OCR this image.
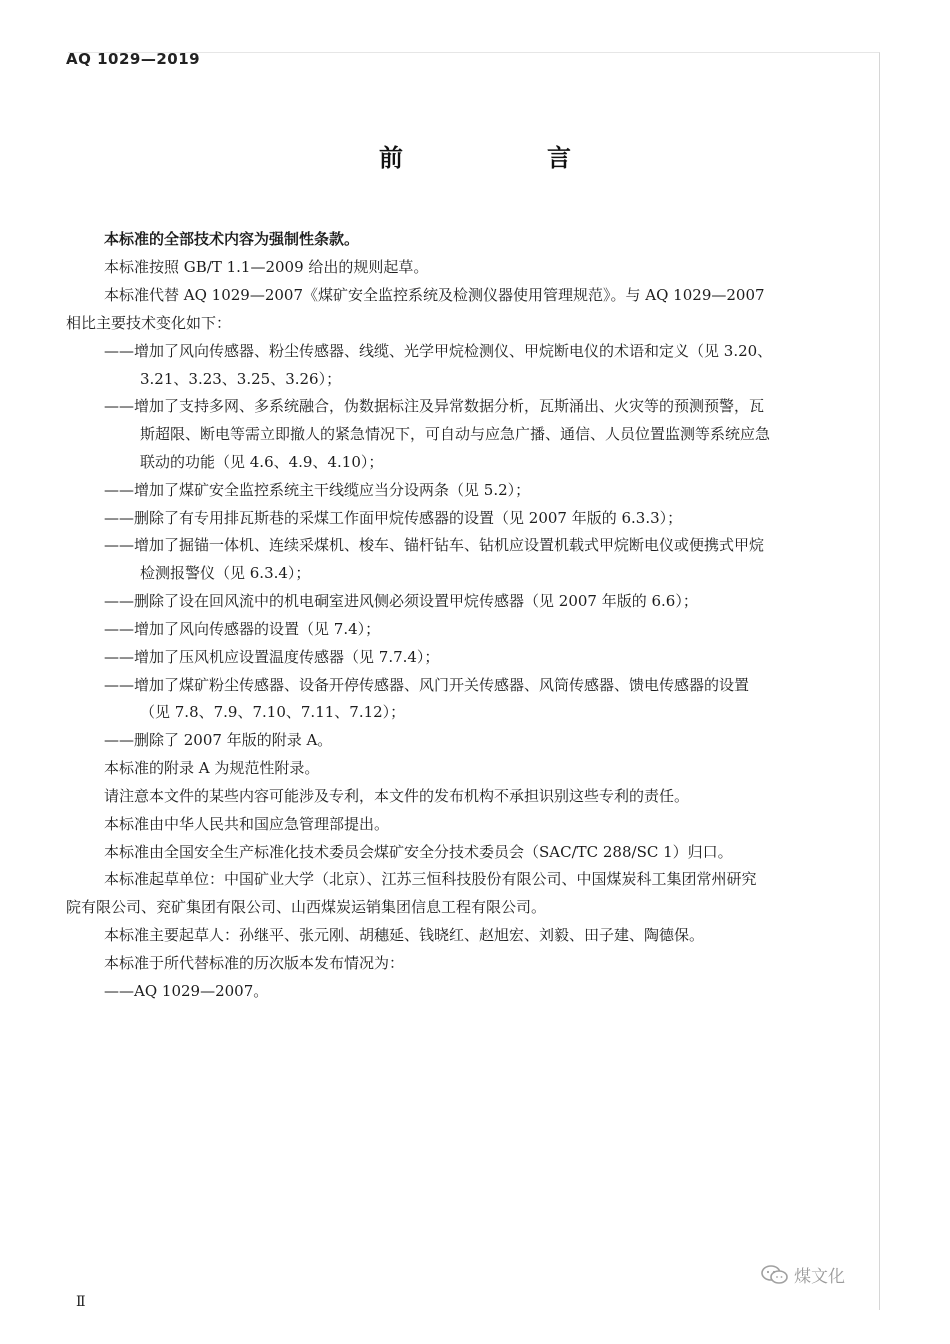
AQ 1029—2019
前　言
本标准的全部技术内容为强制性条款。
本标准按照 GB/T 1.1—2009 给出的规则起草。
本标准代替 AQ 1029—2007《煤矿安全监控系统及检测仪器使用管理规范》。与 AQ 1029—2007
相比主要技术变化如下：
——增加了风向传感器、粉尘传感器、线缆、光学甲烷检测仪、甲烷断电仪的术语和定义（见 3.20、
3.21、3.23、3.25、3.26）；
——增加了支持多网、多系统融合，伪数据标注及异常数据分析，瓦斯涌出、火灾等的预测预警，瓦
斯超限、断电等需立即撤人的紧急情况下，可自动与应急广播、通信、人员位置监测等系统应急
联动的功能（见 4.6、4.9、4.10）；
——增加了煤矿安全监控系统主干线缆应当分设两条（见 5.2）；
——删除了有专用排瓦斯巷的采煤工作面甲烷传感器的设置（见 2007 年版的 6.3.3）；
——增加了掘锚一体机、连续采煤机、梭车、锚杆钻车、钻机应设置机载式甲烷断电仪或便携式甲烷
检测报警仪（见 6.3.4）；
——删除了设在回风流中的机电硐室进风侧必须设置甲烷传感器（见 2007 年版的 6.6）；
——增加了风向传感器的设置（见 7.4）；
——增加了压风机应设置温度传感器（见 7.7.4）；
——增加了煤矿粉尘传感器、设备开停传感器、风门开关传感器、风筒传感器、馈电传感器的设置
（见 7.8、7.9、7.10、7.11、7.12）；
——删除了 2007 年版的附录 A。
本标准的附录 A 为规范性附录。
请注意本文件的某些内容可能涉及专利，本文件的发布机构不承担识别这些专利的责任。
本标准由中华人民共和国应急管理部提出。
本标准由全国安全生产标准化技术委员会煤矿安全分技术委员会（SAC/TC 288/SC 1）归口。
本标准起草单位：中国矿业大学（北京）、江苏三恒科技股份有限公司、中国煤炭科工集团常州研究
院有限公司、兖矿集团有限公司、山西煤炭运销集团信息工程有限公司。
本标准主要起草人：孙继平、张元刚、胡穗延、钱晓红、赵旭宏、刘毅、田子建、陶德保。
本标准于所代替标准的历次版本发布情况为：
——AQ 1029—2007。
煤文化
Ⅱ
